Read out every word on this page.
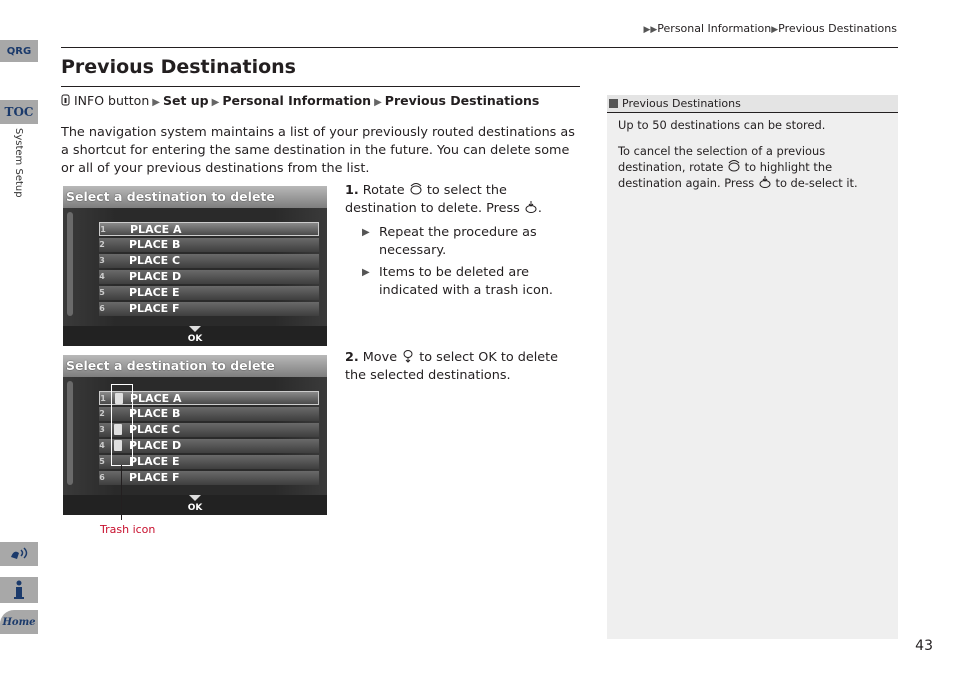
QRG
TOC
System Setup
Home
▶▶Personal Information▶Previous Destinations
Previous Destinations
INFO button ▶ Set up ▶ Personal Information ▶ Previous Destinations
The navigation system maintains a list of your previously routed destinations as a shortcut for entering the same destination in the future. You can delete some or all of your previous destinations from the list.
Select a destination to delete
1 PLACE A
2 PLACE B
3 PLACE C
4 PLACE D
5 PLACE E
6 PLACE F
OK
Select a destination to delete
1 PLACE A
2 PLACE B
3 PLACE C
4 PLACE D
5 PLACE E
6 PLACE F
OK
Trash icon
1. Rotate to select the destination to delete. Press .
▶ Repeat the procedure as necessary.
▶ Items to be deleted are indicated with a trash icon.
2. Move to select OK to delete the selected destinations.
Previous Destinations

Up to 50 destinations can be stored.

To cancel the selection of a previous destination, rotate to highlight the destination again. Press to de-select it.

43
